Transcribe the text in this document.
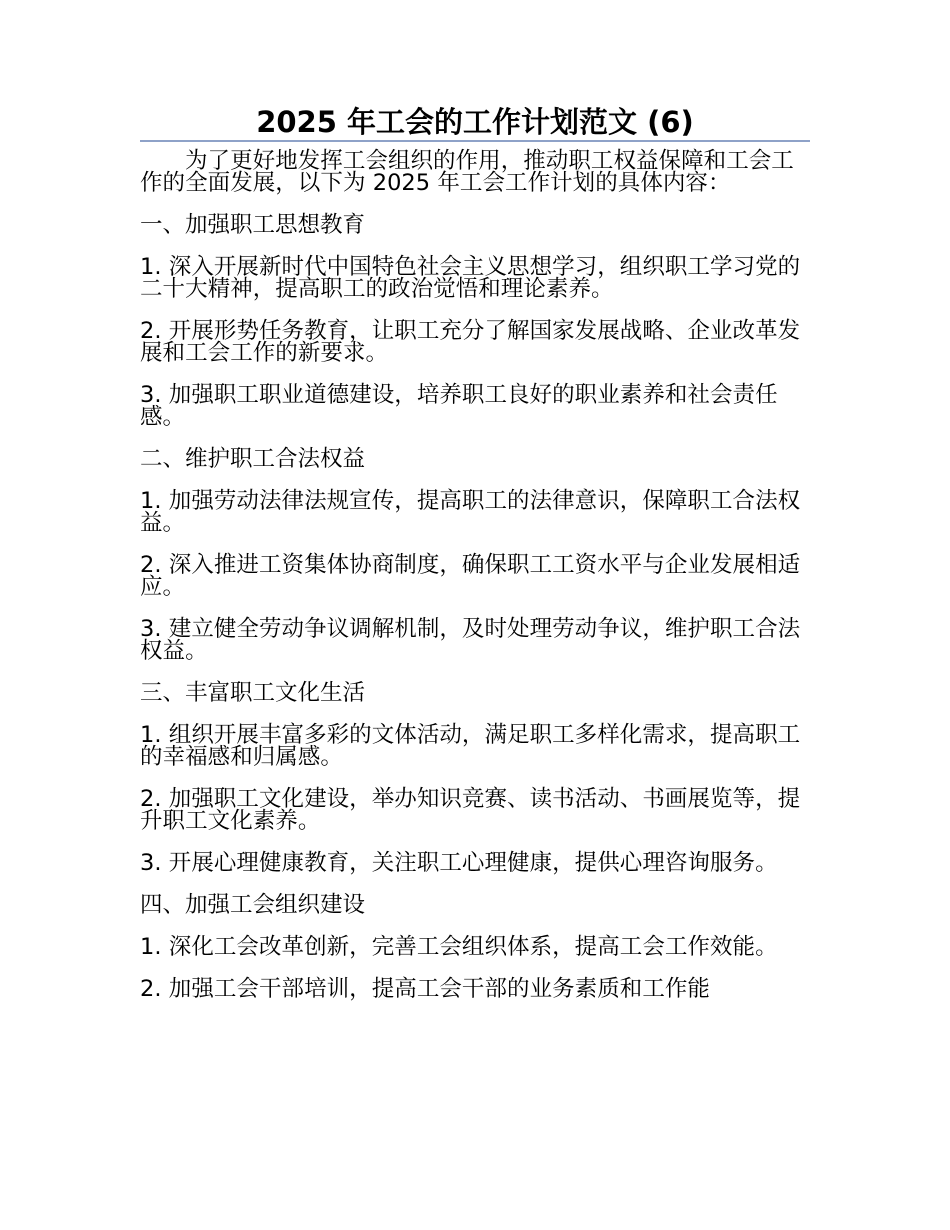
2025 年工会的工作计划范文 (6)

为了更好地发挥工会组织的作用，推动职工权益保障和工会工作的全面发展，以下为 2025 年工会工作计划的具体内容：

一、加强职工思想教育

1. 深入开展新时代中国特色社会主义思想学习，组织职工学习党的二十大精神，提高职工的政治觉悟和理论素养。

2. 开展形势任务教育，让职工充分了解国家发展战略、企业改革发展和工会工作的新要求。

3. 加强职工职业道德建设，培养职工良好的职业素养和社会责任感。

二、维护职工合法权益

1. 加强劳动法律法规宣传，提高职工的法律意识，保障职工合法权益。

2. 深入推进工资集体协商制度，确保职工工资水平与企业发展相适应。

3. 建立健全劳动争议调解机制，及时处理劳动争议，维护职工合法权益。

三、丰富职工文化生活

1. 组织开展丰富多彩的文体活动，满足职工多样化需求，提高职工的幸福感和归属感。

2. 加强职工文化建设，举办知识竞赛、读书活动、书画展览等，提升职工文化素养。

3. 开展心理健康教育，关注职工心理健康，提供心理咨询服务。

四、加强工会组织建设

1. 深化工会改革创新，完善工会组织体系，提高工会工作效能。

2. 加强工会干部培训，提高工会干部的业务素质和工作能
